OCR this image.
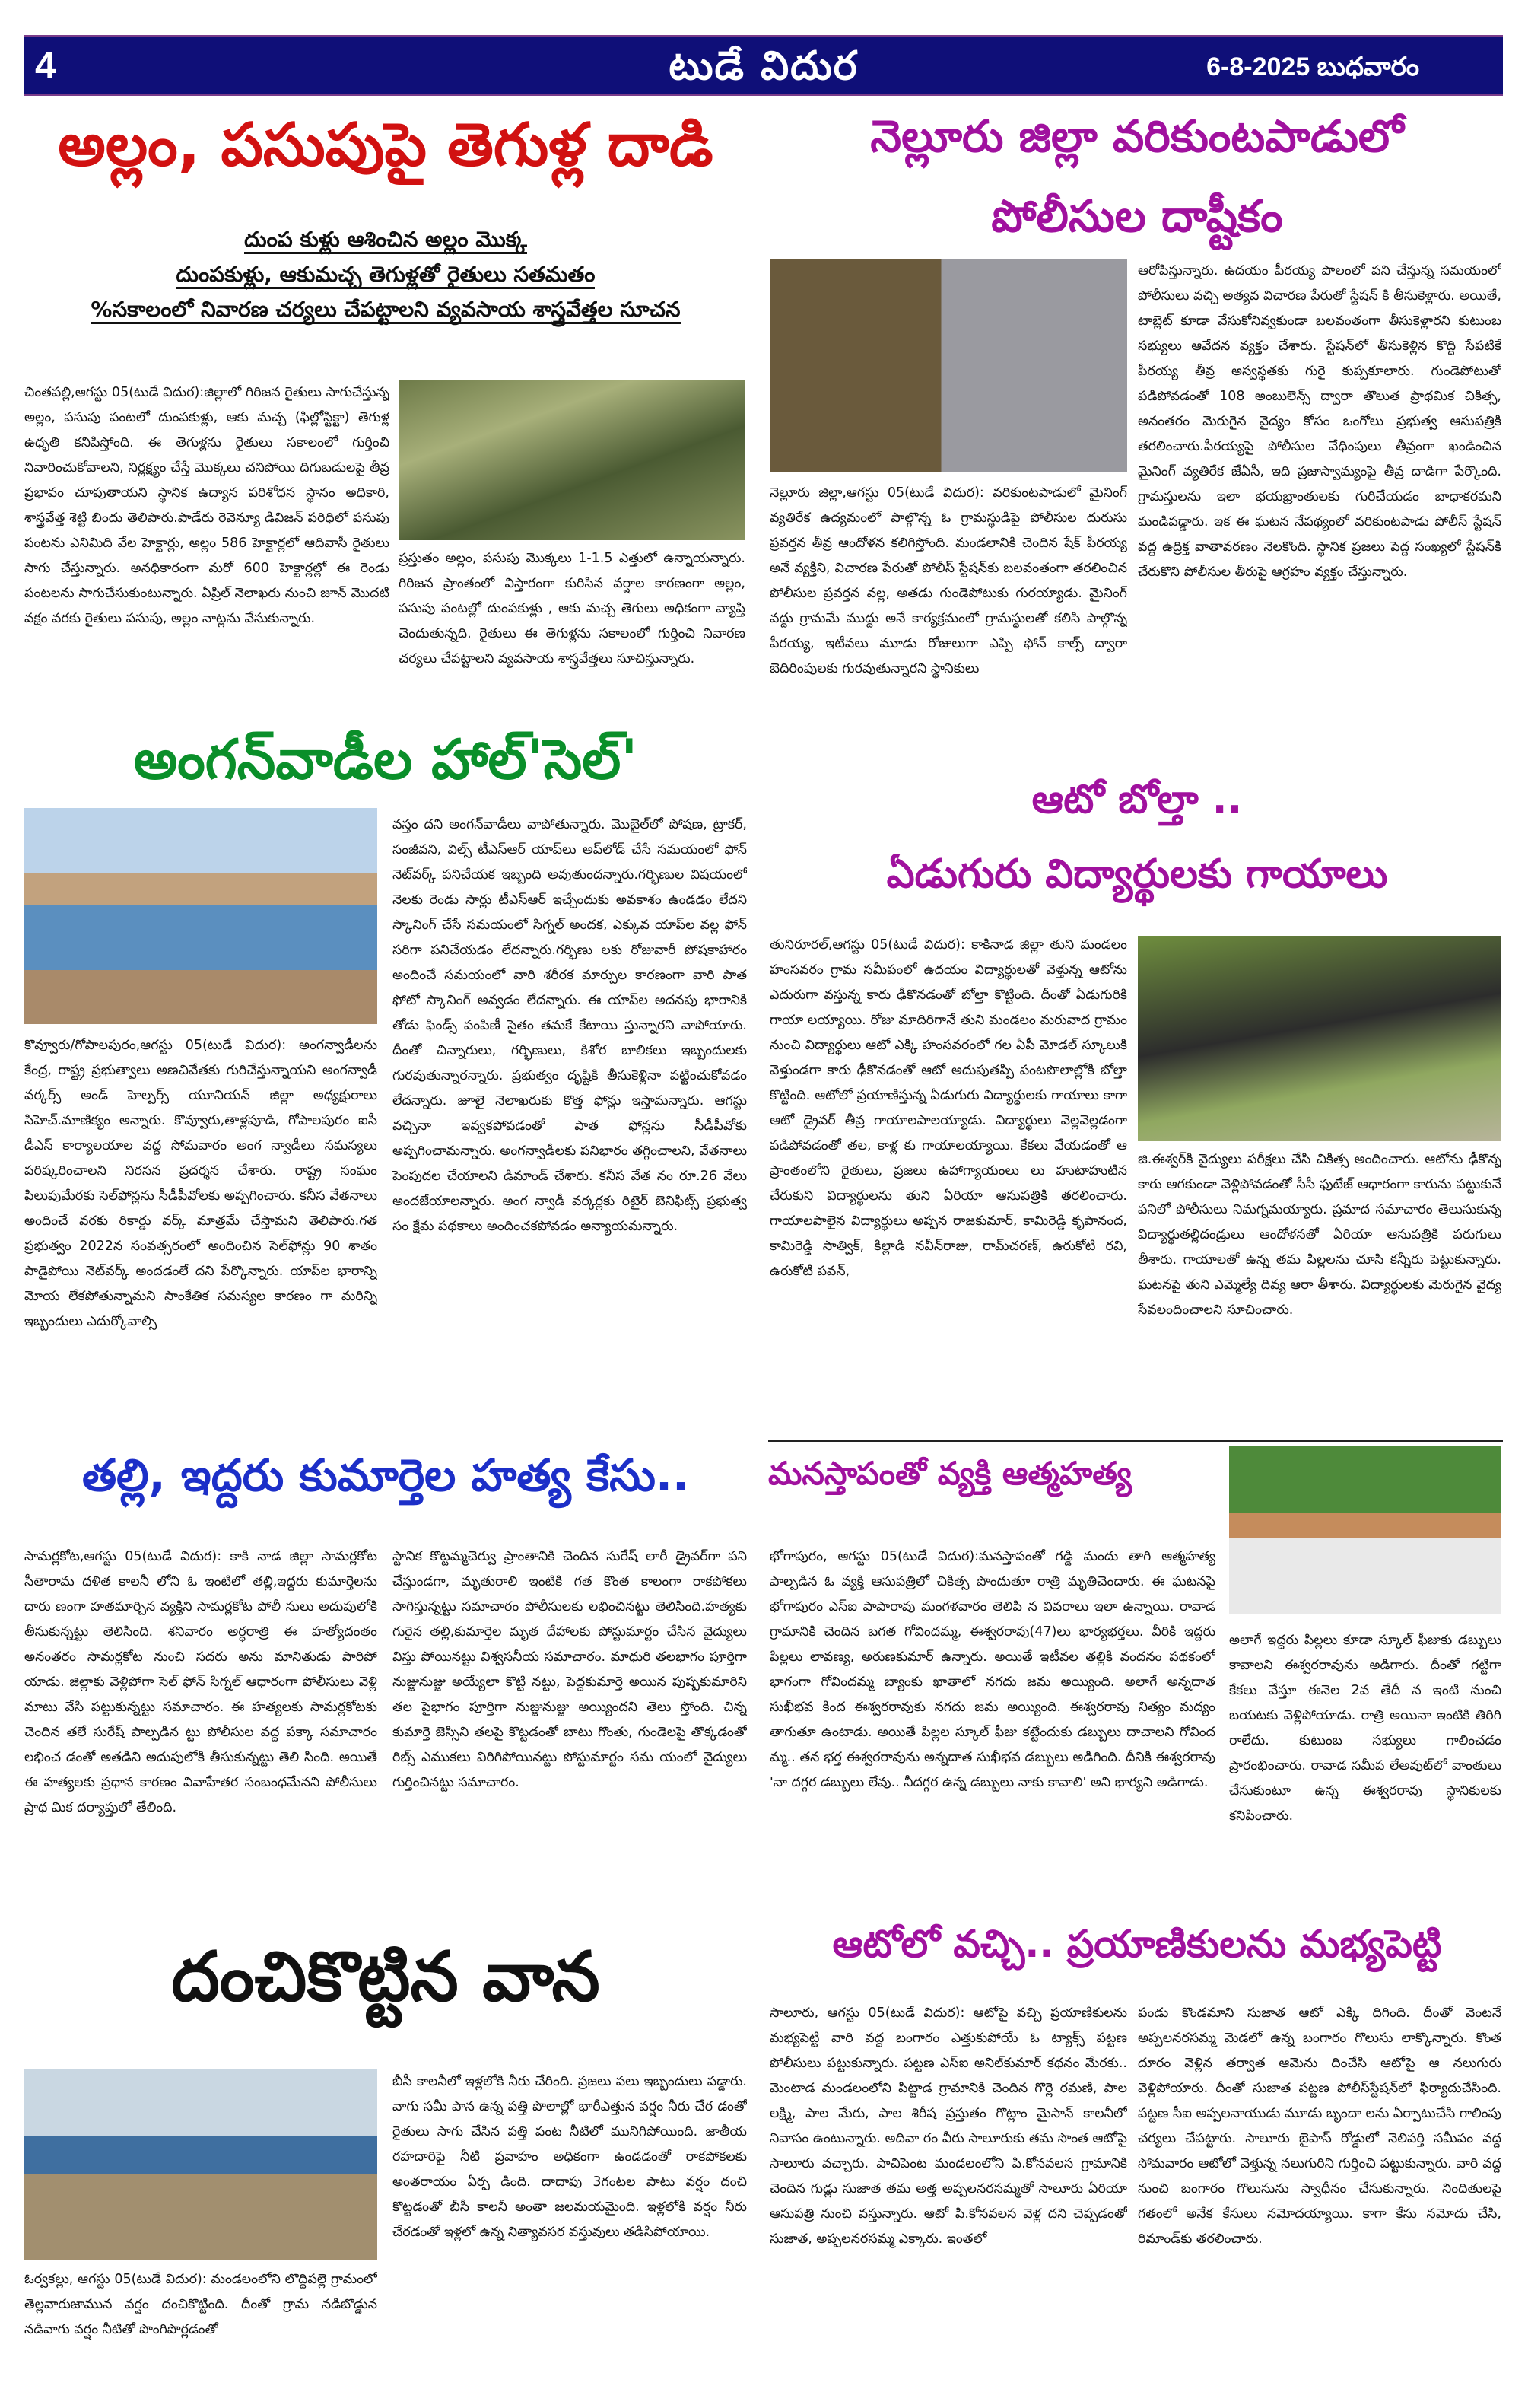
4	టుడే విదుర	6-8-2025 బుధవారం
అల్లం, పసుపుపై తెగుళ్ల దాడి
దుంప కుళ్లు ఆశించిన అల్లం మొక్క
దుంపకుళ్లు, ఆకుమచ్చ తెగుళ్లతో రైతులు సతమతం
%సకాలంలో నివారణ చర్యలు చేపట్టాలని వ్యవసాయ శాస్త్రవేత్తల సూచన
చింతపల్లి,ఆగస్టు 05(టుడే విదుర):జిల్లాలో గిరిజన రైతులు సాగుచేస్తున్న అల్లం, పసుపు పంటలో దుంపకుళ్లు, ఆకు మచ్చ (ఫిల్లోస్టిక్టా) తెగుళ్ల ఉధృతి కనిపిస్తోంది. ఈ తెగుళ్లను రైతులు సకాలంలో గుర్తించి నివారించుకోవాలని, నిర్లక్ష్యం చేస్తే మొక్కలు చనిపోయి దిగుబడులపై తీవ్ర ప్రభావం చూపుతాయని స్థానిక ఉద్యాన పరిశోధన స్థానం అధికారి, శాస్త్రవేత్త శెట్టి బిందు తెలిపారు.పాడేరు రెవెన్యూ డివిజన్ పరిధిలో పసుపు పంటను ఎనిమిది వేల హెక్టార్లు, అల్లం 586 హెక్టార్లలో ఆదివాసీ రైతులు సాగు చేస్తున్నారు. అనధికారంగా మరో 600 హెక్టార్లల్లో ఈ రెండు పంటలను సాగుచేసుకుంటున్నారు. ఏప్రిల్ నెలాఖరు నుంచి జూన్ మొదటి వక్షం వరకు రైతులు పసుపు, అల్లం నాట్లను వేసుకున్నారు.
ప్రస్తుతం అల్లం, పసుపు మొక్కలు 1-1.5 ఎత్తులో ఉన్నాయన్నారు. గిరిజన ప్రాంతంలో విస్తారంగా కురిసిన వర్షాల కారణంగా అల్లం, పసుపు పంటల్లో దుంపకుళ్లు , ఆకు మచ్చ తెగులు అధికంగా వ్యాప్తి చెందుతున్నది. రైతులు ఈ తెగుళ్లను సకాలంలో గుర్తించి నివారణ చర్యలు చేపట్టాలని వ్యవసాయ శాస్త్రవేత్తలు సూచిస్తున్నారు.
అంగన్‌వాడీల హాల్‌'సెల్'
వస్తం దని అంగన్‌వాడీలు వాపోతున్నారు. మొబైల్‌లో పోషణ, ట్రాకర్, సంజీవని, విల్స్ టీఎస్ఆర్ యాప్‌లు అప్‌లోడ్ చేసే సమయంలో ఫోన్ నెట్‌వర్క్ పనిచేయక ఇబ్బంది అవుతుందన్నారు.గర్భిణుల విషయంలో నెలకు రెండు సార్లు టీఎస్ఆర్ ఇచ్చేందుకు అవకాశం ఉండడం లేదని స్కానింగ్ చేసే సమయంలో సిగ్నల్ అందక, ఎక్కువ యాప్‌ల వల్ల ఫోన్ సరిగా పనిచేయడం లేదన్నారు.గర్భిణు లకు రోజువారీ పోషకాహారం అందించే సమయంలో వారి శరీరక మార్పుల కారణంగా వారి పాత ఫోటో స్కానింగ్ అవ్వడం లేదన్నారు. ఈ యాప్‌ల అదనపు భారానికి తోడు ఫిండ్స్ పంపిణీ సైతం తమకే కేటాయి స్తున్నారని వాపోయారు. దీంతో చిన్నారులు, గర్భిణులు, కిశోర బాలికలు ఇబ్బందులకు గురవుతున్నారన్నారు. ప్రభుత్వం దృష్టికి తీసుకెళ్లినా పట్టించుకోవడం లేదన్నారు. జూలై నెలాఖరుకు కొత్త ఫోన్లు ఇస్తామన్నారు. ఆగస్టు వచ్చినా ఇవ్వకపోవడంతో పాత ఫోన్లను సీడీపీవోకు అప్పగించామన్నారు. అంగన్వాడీలకు పనిభారం తగ్గించాలని, వేతనాలు పెంపుదల చేయాలని డిమాండ్ చేశారు. కనీస వేత నం రూ.26 వేలు అందజేయాలన్నారు. అంగ న్వాడీ వర్కర్లకు రిటైర్ బెనిఫిట్స్ ప్రభుత్వ సం క్షేమ పథకాలు అందించకపోవడం అన్యాయమన్నారు.
కొవ్వూరు/గోపాలపురం,ఆగస్టు 05(టుడే విదుర): అంగన్వాడీలను కేంద్ర, రాష్ట్ర ప్రభుత్వాలు అణచివేతకు గురిచేస్తున్నాయని అంగన్వాడీ వర్కర్స్ అండ్ హెల్పర్స్ యూనియన్ జిల్లా అధ్యక్షురాలు సిహెచ్.మాణిక్యం అన్నారు. కొవ్వూరు,తాళ్లపూడి, గోపాలపురం ఐసీ డీఎస్ కార్యాలయాల వద్ద సోమవారం అంగ న్వాడీలు సమస్యలు పరిష్కరించాలని నిరసన ప్రదర్శన చేశారు. రాష్ట్ర సంఘం పిలుపుమేరకు సెల్‌ఫోన్లను సీడీపీవోలకు అప్పగించారు. కనీస వేతనాలు అందించే వరకు రికార్డు వర్క్ మాత్రమే చేస్తామని తెలిపారు.గత ప్రభుత్వం 2022న సంవత్సరంలో అందించిన సెల్‌ఫోన్లు 90 శాతం పాడైపోయి నెట్‌వర్క్ అందడంలే దని పేర్కొన్నారు. యాప్‌ల భారాన్ని మోయ లేకపోతున్నామని సాంకేతిక సమస్యల కారణం గా మరిన్ని ఇబ్బందులు ఎదుర్కోవాల్సి
తల్లి, ఇద్దరు కుమార్తెల హత్య కేసు..
సామర్లకోట,ఆగస్టు 05(టుడే విదుర): కాకి నాడ జిల్లా సామర్లకోట సీతారామ దళిత కాలనీ లోని ఓ ఇంటిలో తల్లి,ఇద్దరు కుమార్తెలను దారు ణంగా హతమార్చిన వ్యక్తిని సామర్లకోట పోలీ సులు అదుపులోకి తీసుకున్నట్టు తెలిసింది. శనివారం అర్ధరాత్రి ఈ హత్యోదంతం అనంతరం సామర్లకోట నుంచి సదరు అను మానితుడు పారిపో యాడు. జిల్లాకు వెళ్లిపోగా సెల్ ఫోన్ సిగ్నల్ ఆధారంగా పోలీసులు వెళ్లి మాటు వేసి పట్టుకున్నట్టు సమాచారం. ఈ హత్యలకు సామర్లకోటకు చెందిన తలే సురేష్ పాల్పడిన ట్టు పోలీసుల వద్ద పక్కా సమాచారం లభించ డంతో అతడిని అదుపులోకి తీసుకున్నట్టు తెలి సింది. అయితే ఈ హత్యలకు ప్రధాన కారణం వివాహేతర సంబంధమేనని పోలీసులు ప్రాథ మిక దర్యాప్తులో తేలింది.
స్టానిక కొట్టమ్మచెర్వు ప్రాంతానికి చెందిన సురేష్ లారీ డ్రైవర్‌గా పని చేస్తుండగా, మృతురాలి ఇంటికి గత కొంత కాలంగా రాకపోకలు సాగిస్తున్నట్టు సమాచారం పోలీసులకు లభించినట్టు తెలిసింది.హత్యకు గురైన తల్లి,కుమార్తెల మృత దేహాలకు పోస్టుమార్టం చేసిన వైద్యులు విస్తు పోయినట్టు విశ్వసనీయ సమాచారం. మాధురి తలభాగం పూర్తిగా నుజ్జునుజ్జు అయ్యేలా కొట్టి నట్టు, పెద్దకుమార్తె అయిన పుష్పకుమారిని తల పైభాగం పూర్తిగా నుజ్జునుజ్జు అయ్యిందని తెలు స్తోంది. చిన్న కుమార్తె జెస్సిని తలపై కొట్టడంతో బాటు గొంతు, గుండెలపై తొక్కడంతో రిబ్స్ ఎముకలు విరిగిపోయినట్టు పోస్టుమార్టం సమ యంలో వైద్యులు గుర్తించినట్టు సమాచారం.
దంచికొట్టిన వాన
బీసీ కాలనీలో ఇళ్లలోకి నీరు చేరింది. ప్రజలు పలు ఇబ్బందులు పడ్డారు. వాగు సమీ పాన ఉన్న పత్తి పొలాల్లో భారీఎత్తున వర్షం నీరు చేర డంతో రైతులు సాగు చేసిన పత్తి పంట నీటిలో మునిగిపోయింది. జాతీయ రహదారిపై నీటి ప్రవాహం అధికంగా ఉండడంతో రాకపోకలకు అంతరాయం ఏర్ప డింది. దాదాపు 3గంటల పాటు వర్షం దంచి కొట్టడంతో బీసీ కాలనీ అంతా జలమయమైంది. ఇళ్లలోకి వర్షం నీరు చేరడంతో ఇళ్లలో ఉన్న నిత్యావసర వస్తువులు తడిసిపోయాయి.
ఓర్వకల్లు, ఆగస్టు 05(టుడే విదుర): మండలంలోని లొద్దిపల్లె గ్రామంలో తెల్లవారుజామున వర్షం దంచికొట్టింది. దీంతో గ్రామ నడిబొడ్డున నడివాగు వర్షం నీటితో పొంగిపొర్లడంతో
నెల్లూరు జిల్లా వరికుంటపాడులో
పోలీసుల దాష్టీకం
ఆరోపిస్తున్నారు. ఉదయం పీరయ్య పొలంలో పని చేస్తున్న సమయంలో పోలీసులు వచ్చి అత్యవ విచారణ పేరుతో స్టేషన్ కి తీసుకెళ్లారు. అయితే, టాబ్లెట్ కూడా వేసుకోనివ్వకుండా బలవంతంగా తీసుకెళ్లారని కుటుంబ సభ్యులు ఆవేదన వ్యక్తం చేశారు. స్టేషన్‌లో తీసుకెళ్లిన కొద్ది సేపటికే పీరయ్య తీవ్ర అస్వస్థతకు గురై కుప్పకూలారు. గుండెపోటుతో పడిపోవడంతో 108 అంబులెన్స్ ద్వారా తొలుత ప్రాథమిక చికిత్స, అనంతరం మెరుగైన వైద్యం కోసం ఒంగోలు ప్రభుత్వ ఆసుపత్రికి తరలించారు.పీరయ్యపై పోలీసుల వేధింపులు తీవ్రంగా ఖండించిన మైనింగ్ వ్యతిరేక జేఏసీ, ఇది ప్రజాస్వామ్యంపై తీవ్ర దాడిగా పేర్కొంది. గ్రామస్తులను ఇలా భయభ్రాంతులకు గురిచేయడం బాధాకరమని మండిపడ్డారు. ఇక ఈ ఘటన నేపథ్యంలో వరికుంటపాడు పోలీస్ స్టేషన్ వద్ద ఉద్రిక్త వాతావరణం నెలకొంది. స్థానిక ప్రజలు పెద్ద సంఖ్యలో స్టేషన్‌కి చేరుకొని పోలీసుల తీరుపై ఆగ్రహం వ్యక్తం చేస్తున్నారు.
నెల్లూరు జిల్లా,ఆగస్టు 05(టుడే విదుర): వరికుంటపాడులో మైనింగ్ వ్యతిరేక ఉద్యమంలో పాల్గొన్న ఓ గ్రామస్థుడిపై పోలీసుల దురుసు ప్రవర్తన తీవ్ర ఆందోళన కలిగిస్తోంది. మండలానికి చెందిన షేక్ పీరయ్య అనే వ్యక్తిని, విచారణ పేరుతో పోలీస్ స్టేషన్‌కు బలవంతంగా తరలించిన పోలీసుల ప్రవర్తన వల్ల, అతడు గుండెపోటుకు గురయ్యాడు. మైనింగ్ వద్దు గ్రామమే ముద్దు అనే కార్యక్రమంలో గ్రామస్థులతో కలిసి పాల్గొన్న పీరయ్య, ఇటీవలు మూడు రోజులుగా ఎప్పి ఫోన్ కాల్స్ ద్వారా బెదిరింపులకు గురవుతున్నారని స్థానికులు
ఆటో బోల్తా ..
ఏడుగురు విద్యార్థులకు గాయాలు
తునిరూరల్,ఆగస్టు 05(టుడే విదుర): కాకినాడ జిల్లా తుని మండలం హంసవరం గ్రామ సమీపంలో ఉదయం విద్యార్థులతో వెళ్తున్న ఆటోను ఎదురుగా వస్తున్న కారు ఢీకొనడంతో బోల్తా కొట్టింది. దీంతో ఏడుగురికి గాయా లయ్యాయి. రోజు మాదిరిగానే తుని మండలం మరువాద గ్రామం నుంచి విద్యార్థులు ఆటో ఎక్కి హంసవరంలో గల ఏపీ మోడల్ స్కూలుకి వెళ్తుండగా కారు ఢీకొనడంతో ఆటో అదుపుతప్పి పంటపొలాల్లోకి బోల్తా కొట్టింది. ఆటోలో ప్రయాణిస్తున్న ఏడుగురు విద్యార్థులకు గాయాలు కాగా ఆటో డ్రైవర్ తీవ్ర గాయాలపాలయ్యాడు. విద్యార్థులు వెల్లవెల్లడంగా పడిపోవడంతో తల, కాళ్ల కు గాయాలయ్యాయి. కేకలు వేయడంతో ఆ ప్రాంతంలోని రైతులు, ప్రజలు ఉహాగ్యాయంలు లు హుటాహుటిన చేరుకుని విద్యార్థులను తుని ఏరియా ఆసుపత్రికి తరలించారు. గాయాలపాలైన విద్యార్థులు అప్పన రాజకుమార్, కామిరెడ్డి కృపానంద, కామిరెడ్డి సాత్విక్, కిల్లాడి నవీన్‌రాజు, రామ్‌చరణ్, ఉరుకోటి రవి, ఉరుకోటి పవన్,
జి.ఈశ్వర్‌కి వైద్యులు పరీక్షలు చేసి చికిత్స అందించారు. ఆటోను ఢీకొన్న కారు ఆగకుండా వెళ్లిపోవడంతో సీసీ ఫుటేజ్ ఆధారంగా కారును పట్టుకునే పనిలో పోలీసులు నిమగ్నమయ్యారు. ప్రమాద సమాచారం తెలుసుకున్న విద్యార్థుతల్లిదండ్రులు ఆందోళనతో ఏరియా ఆసుపత్రికి పరుగులు తీశారు. గాయాలతో ఉన్న తమ పిల్లలను చూసి కన్నీరు పెట్టుకున్నారు. ఘటనపై తుని ఎమ్మెల్యే దివ్య ఆరా తీశారు. విద్యార్థులకు మెరుగైన వైద్య సేవలందించాలని సూచించారు.
మనస్తాపంతో వ్యక్తి ఆత్మహత్య
భోగాపురం, ఆగస్టు 05(టుడే విదుర):మనస్తాపంతో గడ్డి మందు తాగి ఆత్మహత్య పాల్పడిన ఓ వ్యక్తి ఆసుపత్రిలో చికిత్స పొందుతూ రాత్రి మృతిచెందారు. ఈ ఘటనపై భోగాపురం ఎస్ఐ పాపారావు మంగళవారం తెలిపి న వివరాలు ఇలా ఉన్నాయి. రావాడ గ్రామానికి చెందిన బగత గోవిందమ్మ, ఈశ్వరరావు(47)లు భార్యభర్తలు. వీరికి ఇద్దరు పిల్లలు లావణ్య, అరుణకుమార్ ఉన్నారు. అయితే ఇటీవల తల్లికి వందనం పథకంలో భాగంగా గోవిందమ్మ బ్యాంకు ఖాతాలో నగదు జమ అయ్యింది. అలాగే అన్నదాత సుఖీభవ కింద ఈశ్వరరావుకు నగదు జమ అయ్యింది. ఈశ్వరరావు నిత్యం మద్యం తాగుతూ ఉంటాడు. అయితే పిల్లల స్కూల్ ఫీజు కట్టేందుకు డబ్బులు దాచాలని గోవింద మ్మ.. తన భర్త ఈశ్వరరావును అన్నదాత సుఖీభవ డబ్బులు అడిగింది. దీనికి ఈశ్వరరావు 'నా దగ్గర డబ్బులు లేవు.. నీదగ్గర ఉన్న డబ్బులు నాకు కావాలి' అని భార్యని అడిగాడు.
అలాగే ఇద్దరు పిల్లలు కూడా స్కూల్ ఫీజుకు డబ్బులు కావాలని ఈశ్వరరావును అడిగారు. దీంతో గట్టిగా కేకలు వేస్తూ ఈనెల 2వ తేదీ న ఇంటి నుంచి బయటకు వెళ్లిపోయాడు. రాత్రి అయినా ఇంటికి తిరిగి రాలేదు. కుటుంబ సభ్యులు గాలించడం ప్రారంభించారు. రావాడ సమీప లేఅవుట్‌లో వాంతులు చేసుకుంటూ ఉన్న ఈశ్వరరావు స్థానికులకు కనిపించారు.
ఆటోలో వచ్చి.. ప్రయాణికులను మభ్యపెట్టి
సాలూరు, ఆగస్టు 05(టుడే విదుర): ఆటోపై వచ్చి ప్రయాణికులను మభ్యపెట్టి వారి వద్ద బంగారం ఎత్తుకుపోయే ఓ ట్యాక్స్ పట్టణ పోలీసులు పట్టుకున్నారు. పట్టణ ఎస్ఐ అనిల్‌కుమార్ కథనం మేరకు.. మెంటాడ మండలంలోని పిట్టాడ గ్రామానికి చెందిన గొర్లె రమణి, పాల లక్ష్మి, పాల మేరు, పాల శిరీష ప్రస్తుతం గొట్లాం మైసాన్ కాలనీలో నివాసం ఉంటున్నారు. అదివా రం వీరు సాలూరుకు తమ సొంత ఆటోపై సాలూరు వచ్చారు. పాచిపెంట మండలంలోని పి.కోనవలస గ్రామానికి చెందిన గుడ్లు సుజాత తమ అత్త అప్పలనరసమ్మతో సాలూరు ఏరియా ఆసుపత్రి నుంచి వస్తున్నారు. ఆటో పి.కోనవలస వెళ్ల దని చెప్పడంతో సుజాత, అప్పలనరసమ్మ ఎక్కారు. ఇంతలో
పండు కొండమాని సుజాత ఆటో ఎక్కి దిగింది. దీంతో వెంటనే అప్పలనరసమ్మ మెడలో ఉన్న బంగారం గొలుసు లాక్కొన్నారు. కొంత దూరం వెళ్లిన తర్వాత ఆమెను దించేసి ఆటోపై ఆ నలుగురు వెళ్లిపోయారు. దీంతో సుజాత పట్టణ పోలీస్‌స్టేషన్‌లో ఫిర్యాదుచేసింది. పట్టణ సీఐ అప్పలనాయుడు మూడు బృందా లను ఏర్పాటుచేసి గాలింపు చర్యలు చేపట్టారు. సాలూరు బైపాస్ రోడ్డులో నెలిపర్తి సమీపం వద్ద సోమవారం ఆటోలో వెళ్తున్న నలుగురిని గుర్తించి పట్టుకున్నారు. వారి వద్ద నుంచి బంగారం గొలుసును స్వాధీనం చేసుకున్నారు. నిందితులపై గతంలో అనేక కేసులు నమోదయ్యాయి. కాగా కేసు నమోదు చేసి, రిమాండ్‌కు తరలించారు.
